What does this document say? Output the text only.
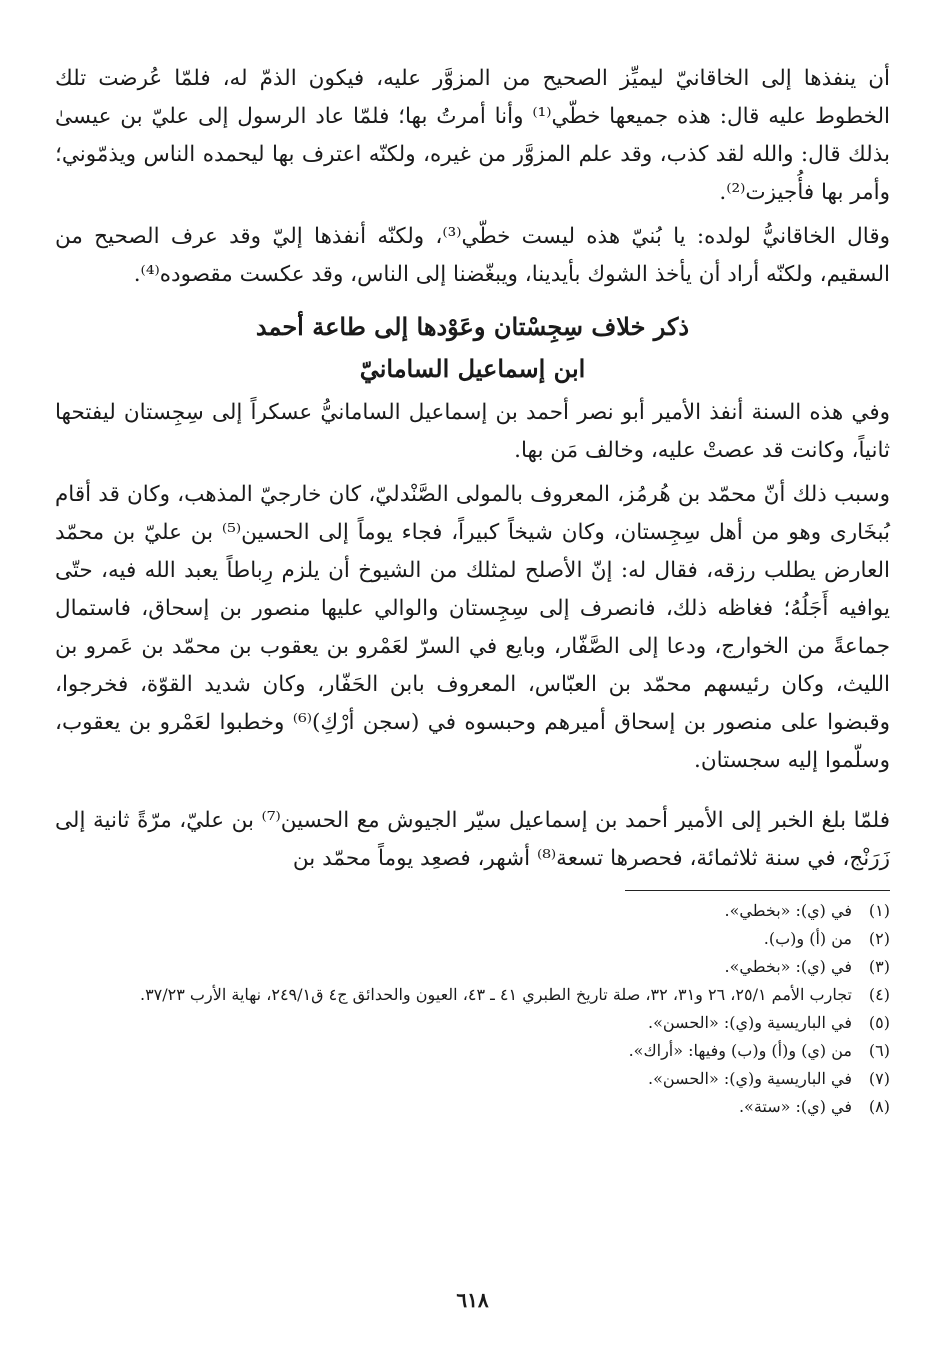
أن ينفذها إلى الخاقانيّ ليميِّز الصحيح من المزوَّر عليه، فيكون الذمّ له، فلمّا عُرضت تلك الخطوط عليه قال: هذه جميعها خطّي⁽¹⁾ وأنا أمرتُ بها؛ فلمّا عاد الرسول إلى عليّ بن عيسىٰ بذلك قال: والله لقد كذب، وقد علم المزوَّر من غيره، ولكنّه اعترف بها ليحمده الناس ويذمّوني؛ وأمر بها فأُجيزت⁽²⁾.

وقال الخاقانيُّ لولده: يا بُنيّ هذه ليست خطّي⁽³⁾، ولكنّه أنفذها إليّ وقد عرف الصحيح من السقيم، ولكنّه أراد أن يأخذ الشوك بأيدينا، ويبغّضنا إلى الناس، وقد عكست مقصوده⁽⁴⁾.

ذكر خلاف سِجِسْتان وعَوْدها إلى طاعة أحمد
ابن إسماعيل السامانيّ

وفي هذه السنة أنفذ الأمير أبو نصر أحمد بن إسماعيل السامانيُّ عسكراً إلى سِجِستان ليفتحها ثانياً، وكانت قد عصتْ عليه، وخالف مَن بها.

وسبب ذلك أنّ محمّد بن هُرمُز، المعروف بالمولى الصَّنْدليّ، كان خارجيّ المذهب، وكان قد أقام بُبخَارى وهو من أهل سِجِستان، وكان شيخاً كبيراً، فجاء يوماً إلى الحسين⁽⁵⁾ بن عليّ بن محمّد العارض يطلب رزقه، فقال له: إنّ الأصلح لمثلك من الشيوخ أن يلزم رِباطاً يعبد الله فيه، حتّى يوافيه أَجَلُهُ؛ فغاظه ذلك، فانصرف إلى سِجِستان والوالي عليها منصور بن إسحاق، فاستمال جماعةً من الخوارج، ودعا إلى الصَّفّار، وبايع في السرّ لعَمْرو بن يعقوب بن محمّد بن عَمرو بن الليث، وكان رئيسهم محمّد بن العبّاس، المعروف بابن الحَفّار، وكان شديد القوّة، فخرجوا، وقبضوا على منصور بن إسحاق أميرهم وحبسوه في (سجن أرْكِ)⁽⁶⁾ وخطبوا لعَمْرو بن يعقوب، وسلّموا إليه سجستان.

فلمّا بلغ الخبر إلى الأمير أحمد بن إسماعيل سيّر الجيوش مع الحسين⁽⁷⁾ بن عليّ، مرّةً ثانية إلى زَرَنْج، في سنة ثلاثمائة، فحصرها تسعة⁽⁸⁾ أشهر، فصعِد يوماً محمّد بن

(١)
في (ي): «بخطي».
(٢)
من (أ) و(ب).
(٣)
في (ي): «بخطي».
(٤)
تجارب الأمم ٢٥/١، ٢٦ و٣١، ٣٢، صلة تاريخ الطبري ٤١ ـ ٤٣، العيون والحدائق ج٤ ق٢٤٩/١، نهاية الأرب ٣٧/٢٣.
(٥)
في الباريسية و(ي): «الحسن».
(٦)
من (ي) و(أ) و(ب) وفيها: «أراك».
(٧)
في الباريسية و(ي): «الحسن».
(٨)
في (ي): «ستة».
٦١٨
